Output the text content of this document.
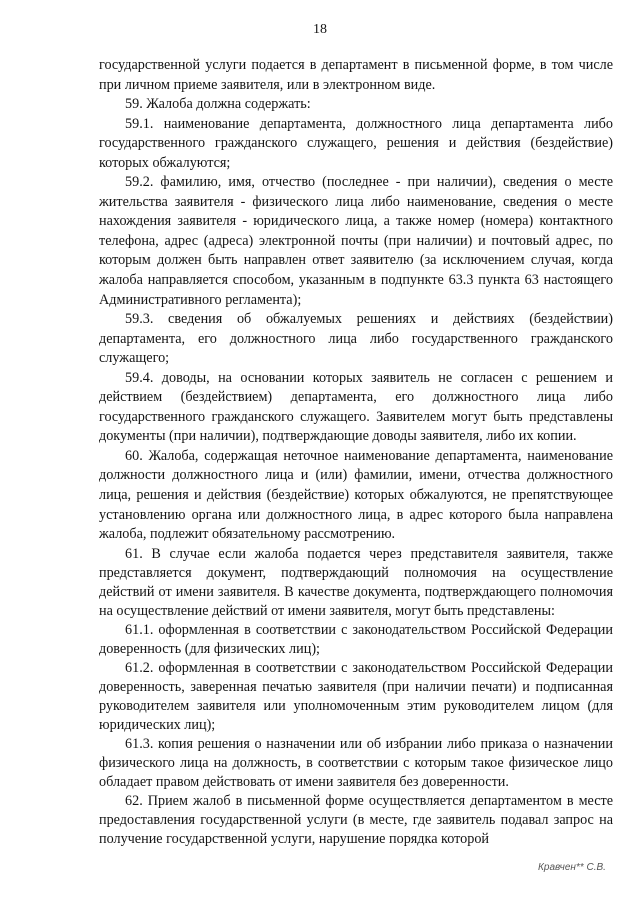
18

государственной услуги подается в департамент в письменной форме, в том числе при личном приеме заявителя, или в электронном виде.

59. Жалоба должна содержать:

59.1. наименование департамента, должностного лица департамента либо государственного гражданского служащего, решения и действия (бездействие) которых обжалуются;

59.2. фамилию, имя, отчество (последнее - при наличии), сведения о месте жительства заявителя - физического лица либо наименование, сведения о месте нахождения заявителя - юридического лица, а также номер (номера) контактного телефона, адрес (адреса) электронной почты (при наличии) и почтовый адрес, по которым должен быть направлен ответ заявителю (за исключением случая, когда жалоба направляется способом, указанным в подпункте 63.3 пункта 63 настоящего Административного регламента);

59.3. сведения об обжалуемых решениях и действиях (бездействии) департамента, его должностного лица либо государственного гражданского служащего;

59.4. доводы, на основании которых заявитель не согласен с решением и действием (бездействием) департамента, его должностного лица либо государственного гражданского служащего. Заявителем могут быть представлены документы (при наличии), подтверждающие доводы заявителя, либо их копии.

60. Жалоба, содержащая неточное наименование департамента, наименование должности должностного лица и (или) фамилии, имени, отчества должностного лица, решения и действия (бездействие) которых обжалуются, не препятствующее установлению органа или должностного лица, в адрес которого была направлена жалоба, подлежит обязательному рассмотрению.

61. В случае если жалоба подается через представителя заявителя, также представляется документ, подтверждающий полномочия на осуществление действий от имени заявителя. В качестве документа, подтверждающего полномочия на осуществление действий от имени заявителя, могут быть представлены:

61.1. оформленная в соответствии с законодательством Российской Федерации доверенность (для физических лиц);

61.2. оформленная в соответствии с законодательством Российской Федерации доверенность, заверенная печатью заявителя (при наличии печати) и подписанная руководителем заявителя или уполномоченным этим руководителем лицом (для юридических лиц);

61.3. копия решения о назначении или об избрании либо приказа о назначении физического лица на должность, в соответствии с которым такое физическое лицо обладает правом действовать от имени заявителя без доверенности.

62. Прием жалоб в письменной форме осуществляется департаментом в месте предоставления государственной услуги (в месте, где заявитель подавал запрос на получение государственной услуги, нарушение порядка которой

Кравчен** С.В.
